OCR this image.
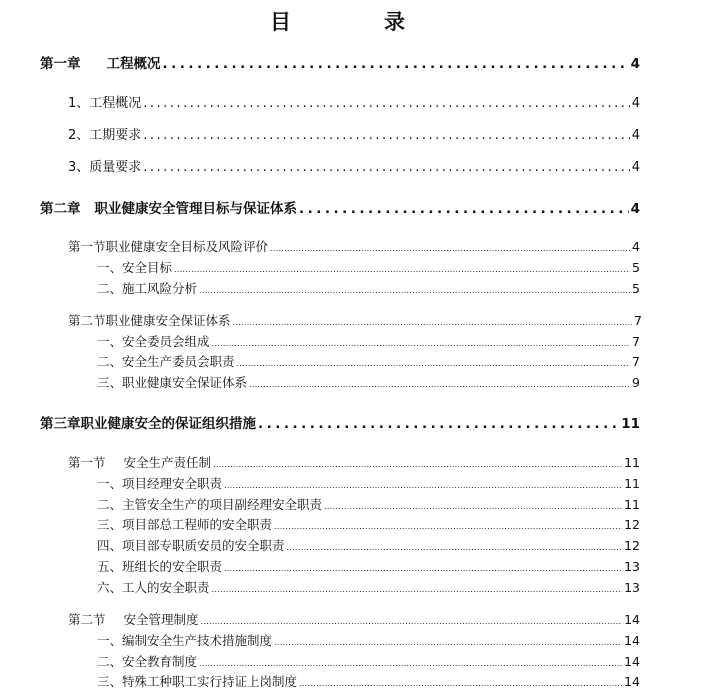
目	录
第一章 工程概况 .....	4
1、工程概况 .....	4
2、工期要求 .....	4
3、质量要求 .....	4
第二章 职业健康安全管理目标与保证体系 .....	4
第一节职业健康安全目标及风险评价 .....	4
一、安全目标 .....	5
二、施工风险分析 .....	5
第二节职业健康安全保证体系 .....	7
一、安全委员会组成 .....	7
二、安全生产委员会职责 .....	7
三、职业健康安全保证体系 .....	9
第三章职业健康安全的保证组织措施 .....	11
第一节 安全生产责任制 .....	11
一、项目经理安全职责 .....	11
二、主管安全生产的项目副经理安全职责 .....	11
三、项目部总工程师的安全职责 .....	12
四、项目部专职质安员的安全职责 .....	12
五、班组长的安全职责 .....	13
六、工人的安全职责 .....	13
第二节 安全管理制度 .....	14
一、编制安全生产技术措施制度 .....	14
二、安全教育制度 .....	14
三、特殊工种职工实行持证上岗制度 .....	14
